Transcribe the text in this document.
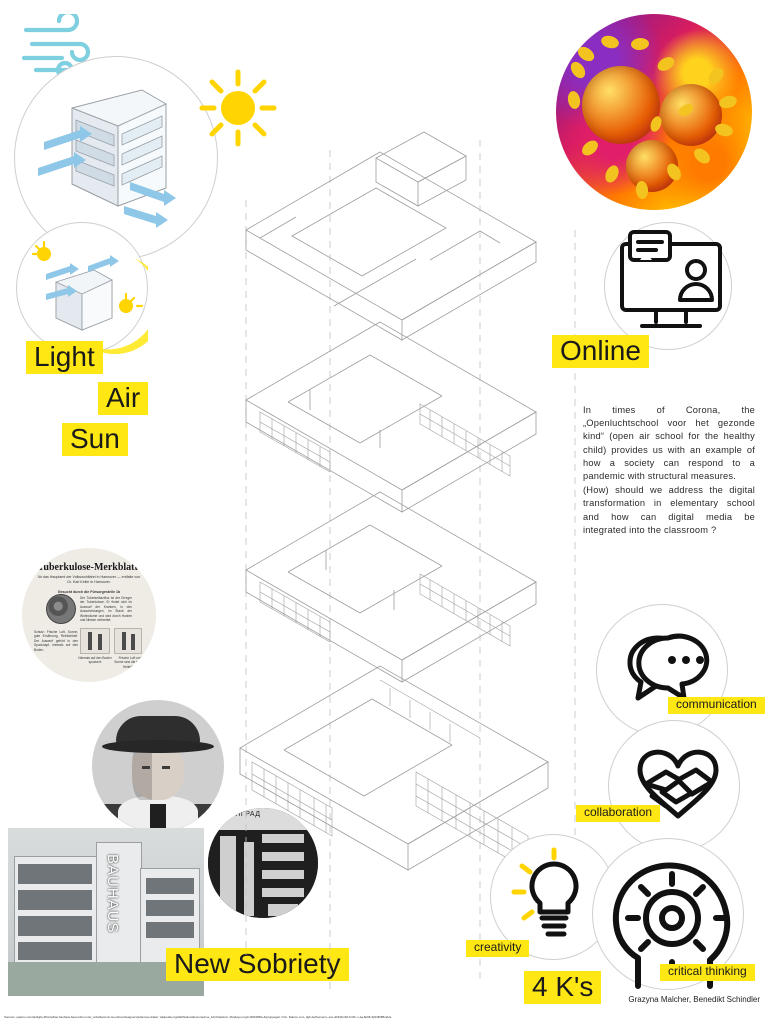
Light
Air
Sun
Tuberkulose-Merkblatt.
für das Hauptamt der Volkswohlfahrt in Hannover — entfalte von Dr. Karl Keller in Hannover.
Gesucht durch die Fürsorgestelle 1b
Der Tuberkelbazillus ist der Erreger der Tuberkulose. Er findet sich im Auswurf der Kranken, in den Ausscheidungen, im Staub der Wohnräume und wird durch Husten und Niesen verbreitet.
Schutz: Frische Luft, Sonne, gute Ernährung, Reinlichkeit. Der Auswurf gehört in den Spucknapf, niemals auf den Boden.
Niemals auf den Boden spucken!
Frische Luft und Sonne sind die besten Heilmittel.
BAUHAUS
ЛЕНИНГРАД
New Sobriety
Online

In times of Corona, the „Openluchtschool voor het gezonde kind“ (open air school for the healthy child) provides us with an example of how a society can respond to a pandemic with structural measures.

(How) should we address the digital transformation in elementary school and how can digital media be integrated into the classroom ?

communication
collaboration
creativity
critical thinking
4 K's	Grazyna Malcher, Benedikt Schindler
Sources: quazoo.com/de/light+#/hmtp/bau.bauhaus.bau/+tubn+misc_schulkammer.iso+dimer/designers/johannes-duiker, wikipedia.org/wiki/Nationalicoronavirus_JArchitektur2, dbzplayer.org/m/4816839+&/gruppegeti / htm. flaticon.com, dgb.de/themen/+-son+#/&3bc/2#-0>#b->+aa-8e68-3224ff288cab/a
